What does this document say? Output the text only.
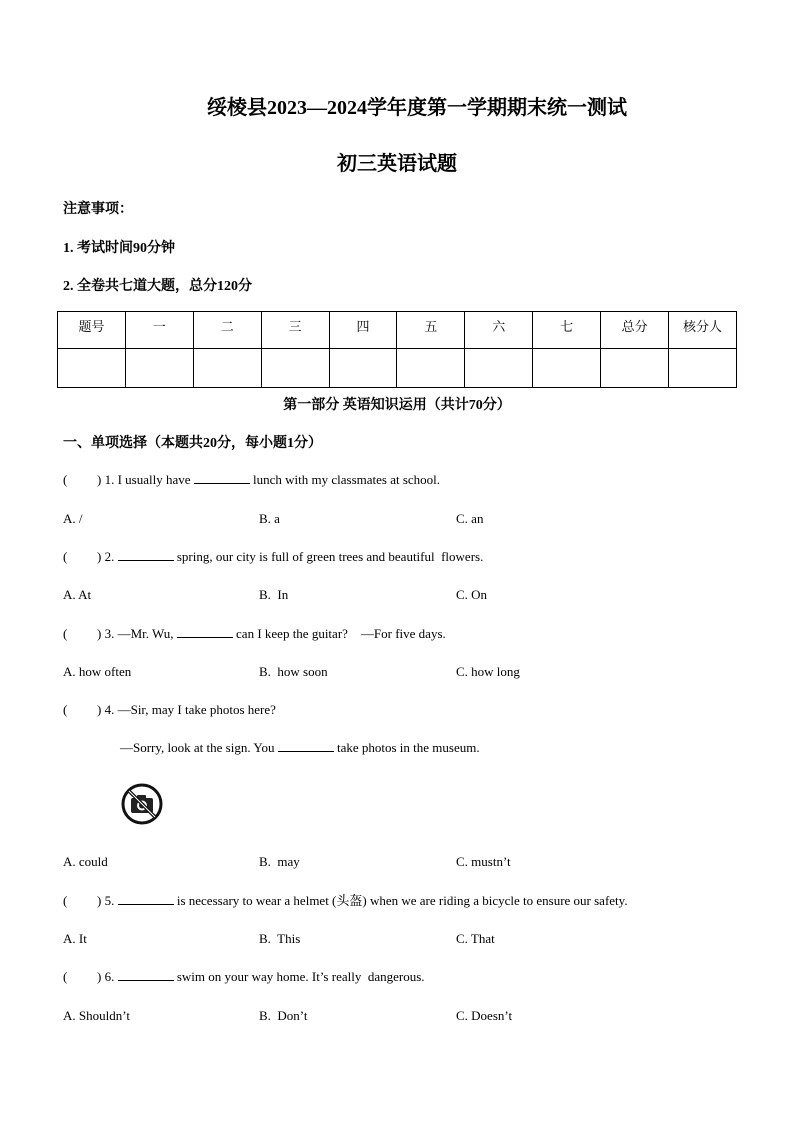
绥棱县2023—2024学年度第一学期期末统一测试
初三英语试题

注意事项：

1. 考试时间90分钟

2. 全卷共七道大题，总分120分

题号	一	二	三	四	五	六	七	总分	核分人

第一部分 英语知识运用（共计70分）

一、单项选择（本题共20分，每小题1分）

( ) 1. I usually have	lunch with my classmates at school.

A. /	B. a	C. an

( ) 2.	spring, our city is full of green trees and beautiful  flowers.

A. At	B.  In	C. On

( ) 3. —Mr. Wu,	can I keep the guitar?    —For five days.

A. how often	B.  how soon	C. how long

( ) 4. —Sir, may I take photos here?

—Sorry, look at the sign. You	take photos in the museum.

A. could	B.  may	C. mustn’t

( ) 5.	is necessary to wear a helmet (头盔) when we are riding a bicycle to ensure our safety.

A. It	B.  This	C. That

( ) 6.	swim on your way home. It’s really  dangerous.

A. Shouldn’t	B.  Don’t	C. Doesn’t
